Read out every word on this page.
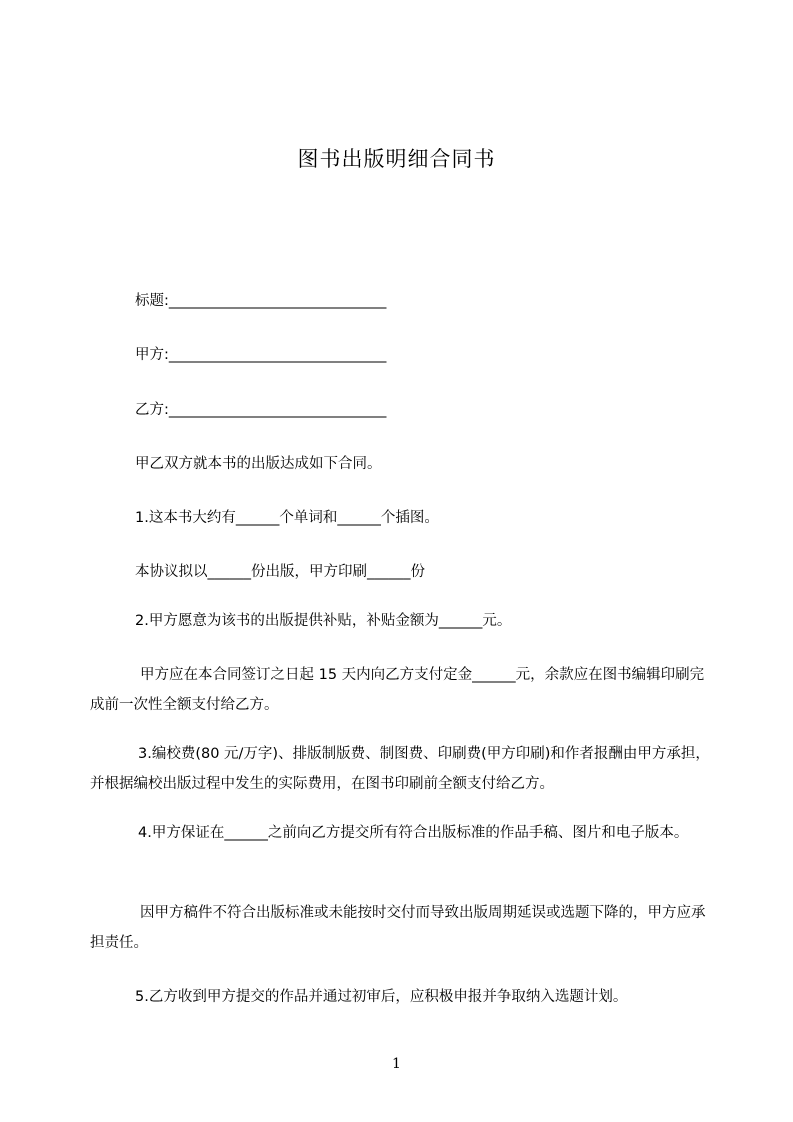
图书出版明细合同书
标题:______________________________
甲方:______________________________
乙方:______________________________
甲乙双方就本书的出版达成如下合同。
1.这本书大约有______个单词和______个插图。
本协议拟以______份出版，甲方印刷______份
2.甲方愿意为该书的出版提供补贴，补贴金额为______元。
甲方应在本合同签订之日起 15 天内向乙方支付定金______元，余款应在图书编辑印刷完成前一次性全额支付给乙方。
3.编校费(80 元/万字)、排版制版费、制图费、印刷费(甲方印刷)和作者报酬由甲方承担，并根据编校出版过程中发生的实际费用，在图书印刷前全额支付给乙方。
4.甲方保证在______之前向乙方提交所有符合出版标准的作品手稿、图片和电子版本。
因甲方稿件不符合出版标准或未能按时交付而导致出版周期延误或选题下降的，甲方应承担责任。
5.乙方收到甲方提交的作品并通过初审后，应积极申报并争取纳入选题计划。
1
